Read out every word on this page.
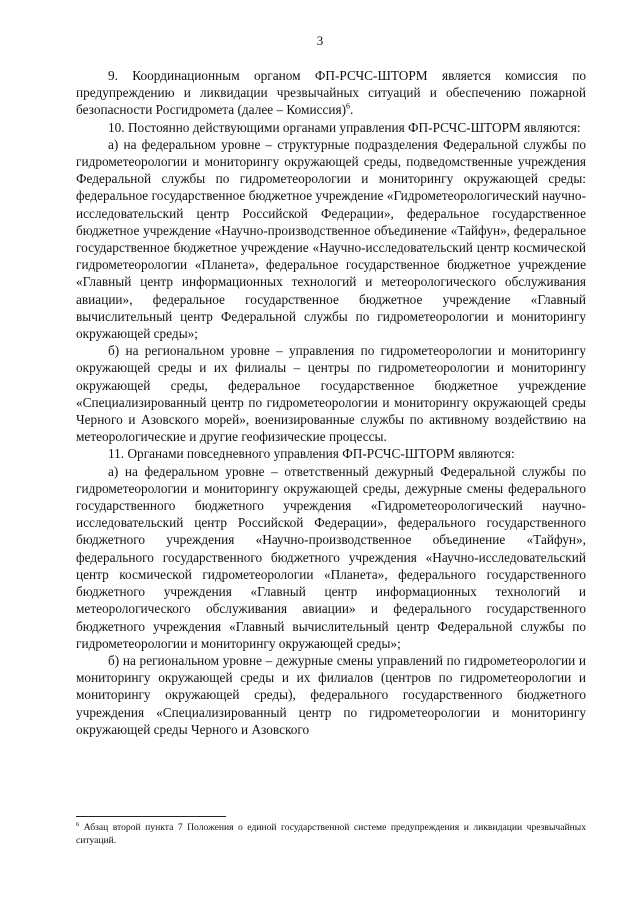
3

9. Координационным органом ФП-РСЧС-ШТОРМ является комиссия по предупреждению и ликвидации чрезвычайных ситуаций и обеспечению пожарной безопасности Росгидромета (далее – Комиссия)$^6$.

10. Постоянно действующими органами управления ФП-РСЧС-ШТОРМ являются:

а) на федеральном уровне – структурные подразделения Федеральной службы по гидрометеорологии и мониторингу окружающей среды, подведомственные учреждения Федеральной службы по гидрометеорологии и мониторингу окружающей среды: федеральное государственное бюджетное учреждение «Гидрометеорологический научно-исследовательский центр Российской Федерации», федеральное государственное бюджетное учреждение «Научно-производственное объединение «Тайфун», федеральное государственное бюджетное учреждение «Научно-исследовательский центр космической гидрометеорологии «Планета», федеральное государственное бюджетное учреждение «Главный центр информационных технологий и метеорологического обслуживания авиации», федеральное государственное бюджетное учреждение «Главный вычислительный центр Федеральной службы по гидрометеорологии и мониторингу окружающей среды»;

б) на региональном уровне – управления по гидрометеорологии и мониторингу окружающей среды и их филиалы – центры по гидрометеорологии и мониторингу окружающей среды, федеральное государственное бюджетное учреждение «Специализированный центр по гидрометеорологии и мониторингу окружающей среды Черного и Азовского морей», военизированные службы по активному воздействию на метеорологические и другие геофизические процессы.

11. Органами повседневного управления ФП-РСЧС-ШТОРМ являются:

а) на федеральном уровне – ответственный дежурный Федеральной службы по гидрометеорологии и мониторингу окружающей среды, дежурные смены федерального государственного бюджетного учреждения «Гидрометеорологический научно-исследовательский центр Российской Федерации», федерального государственного бюджетного учреждения «Научно-производственное объединение «Тайфун», федерального государственного бюджетного учреждения «Научно-исследовательский центр космической гидрометеорологии «Планета», федерального государственного бюджетного учреждения «Главный центр информационных технологий и метеорологического обслуживания авиации» и федерального государственного бюджетного учреждения «Главный вычислительный центр Федеральной службы по гидрометеорологии и мониторингу окружающей среды»;

б) на региональном уровне – дежурные смены управлений по гидрометеорологии и мониторингу окружающей среды и их филиалов (центров по гидрометеорологии и мониторингу окружающей среды), федерального государственного бюджетного учреждения «Специализированный центр по гидрометеорологии и мониторингу окружающей среды Черного и Азовского

$^6$ Абзац второй пункта 7 Положения о единой государственной системе предупреждения и ликвидации чрезвычайных ситуаций.
